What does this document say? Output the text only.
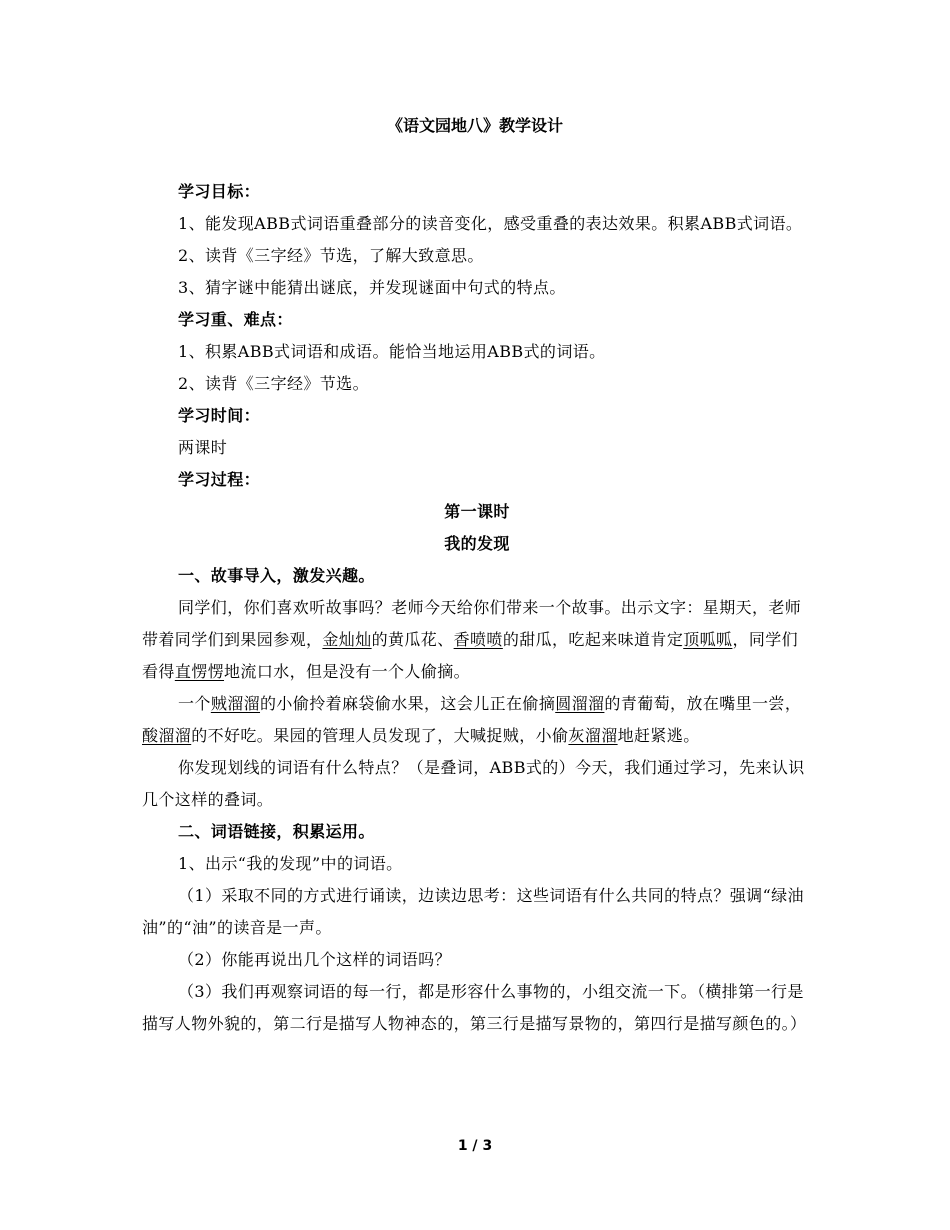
《语文园地八》教学设计

学习目标：

1、能发现ABB式词语重叠部分的读音变化，感受重叠的表达效果。积累ABB式词语。

2、读背《三字经》节选，了解大致意思。

3、猜字谜中能猜出谜底，并发现谜面中句式的特点。

学习重、难点：

1、积累ABB式词语和成语。能恰当地运用ABB式的词语。

2、读背《三字经》节选。

学习时间：

两课时

学习过程：

第一课时

我的发现

一、故事导入，激发兴趣。

同学们，你们喜欢听故事吗？老师今天给你们带来一个故事。出示文字：星期天，老师带着同学们到果园参观，金灿灿的黄瓜花、香喷喷的甜瓜，吃起来味道肯定顶呱呱，同学们看得直愣愣地流口水，但是没有一个人偷摘。

一个贼溜溜的小偷拎着麻袋偷水果，这会儿正在偷摘圆溜溜的青葡萄，放在嘴里一尝，酸溜溜的不好吃。果园的管理人员发现了，大喊捉贼，小偷灰溜溜地赶紧逃。

你发现划线的词语有什么特点？（是叠词，ABB式的）今天，我们通过学习，先来认识几个这样的叠词。

二、词语链接，积累运用。

1、出示“我的发现”中的词语。

（1）采取不同的方式进行诵读，边读边思考：这些词语有什么共同的特点？强调“绿油油”的“油”的读音是一声。

（2）你能再说出几个这样的词语吗？

（3）我们再观察词语的每一行，都是形容什么事物的，小组交流一下。（横排第一行是描写人物外貌的，第二行是描写人物神态的，第三行是描写景物的，第四行是描写颜色的。）

1 / 3
